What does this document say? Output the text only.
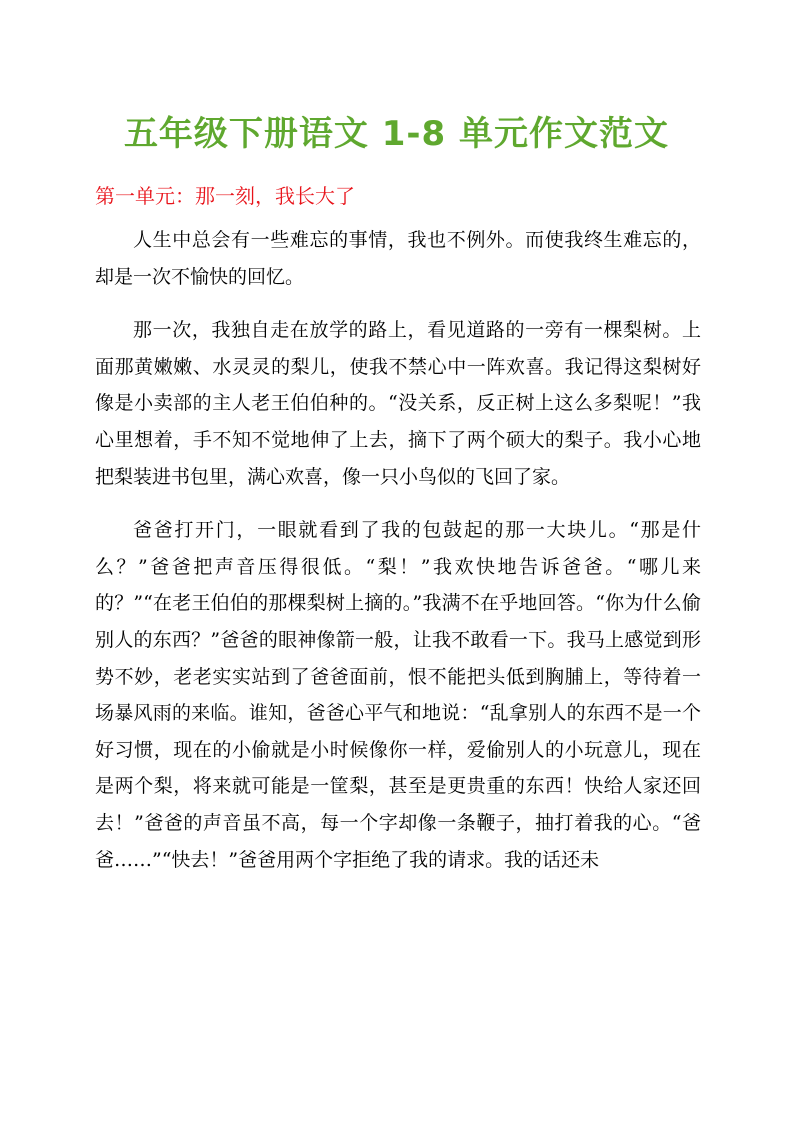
五年级下册语文 1-8 单元作文范文
第一单元：那一刻，我长大了

人生中总会有一些难忘的事情，我也不例外。而使我终生难忘的，却是一次不愉快的回忆。

那一次，我独自走在放学的路上，看见道路的一旁有一棵梨树。上面那黄嫩嫩、水灵灵的梨儿，使我不禁心中一阵欢喜。我记得这梨树好像是小卖部的主人老王伯伯种的。“没关系，反正树上这么多梨呢！”我心里想着，手不知不觉地伸了上去，摘下了两个硕大的梨子。我小心地把梨装进书包里，满心欢喜，像一只小鸟似的飞回了家。

爸爸打开门，一眼就看到了我的包鼓起的那一大块儿。“那是什么？”爸爸把声音压得很低。“梨！”我欢快地告诉爸爸。“哪儿来的？”“在老王伯伯的那棵梨树上摘的。”我满不在乎地回答。“你为什么偷别人的东西？”爸爸的眼神像箭一般，让我不敢看一下。我马上感觉到形势不妙，老老实实站到了爸爸面前，恨不能把头低到胸脯上，等待着一场暴风雨的来临。谁知，爸爸心平气和地说：“乱拿别人的东西不是一个好习惯，现在的小偷就是小时候像你一样，爱偷别人的小玩意儿，现在是两个梨，将来就可能是一筐梨，甚至是更贵重的东西！快给人家还回去！”爸爸的声音虽不高，每一个字却像一条鞭子，抽打着我的心。“爸爸……”“快去！”爸爸用两个字拒绝了我的请求。我的话还未
